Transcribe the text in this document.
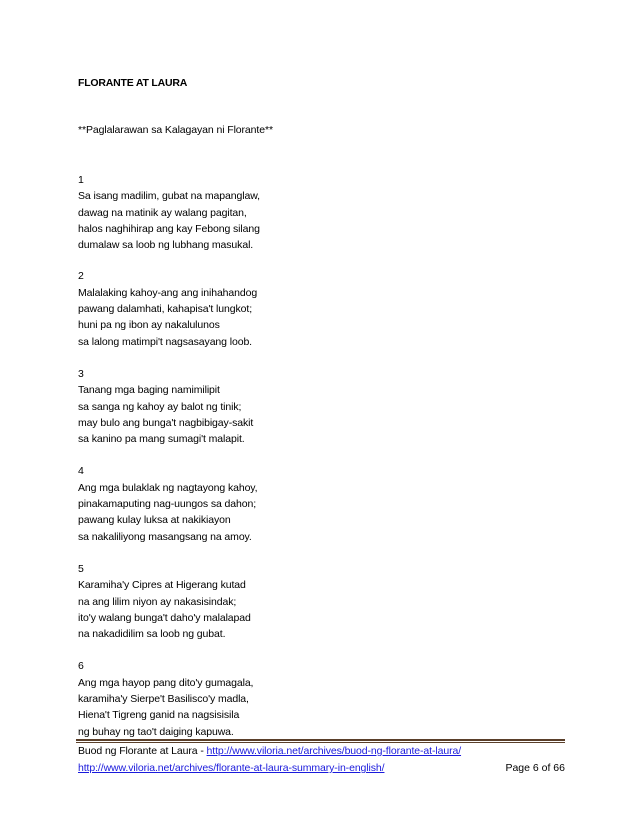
FLORANTE AT LAURA
**Paglalarawan sa Kalagayan ni Florante**
1
Sa isang madilim, gubat na mapanglaw,
dawag na matinik ay walang pagitan,
halos naghihirap ang kay Febong silang
dumalaw sa loob ng lubhang masukal.
2
Malalaking kahoy-ang ang inihahandog
pawang dalamhati, kahapisa't lungkot;
huni pa ng ibon ay nakalulunos
sa lalong matimpi't nagsasayang loob.
3
Tanang mga baging namimilipit
sa sanga ng kahoy ay balot ng tinik;
may bulo ang bunga't nagbibigay-sakit
sa kanino pa mang sumagi't malapit.
4
Ang mga bulaklak ng nagtayong kahoy,
pinakamaputing nag-uungos sa dahon;
pawang kulay luksa at nakikiayon
sa nakaliliyong masangsang na amoy.
5
Karamiha'y Cipres at Higerang kutad
na ang lilim niyon ay nakasisindak;
ito'y walang bunga't daho'y malalapad
na nakadidilim sa loob ng gubat.
6
Ang mga hayop pang dito'y gumagala,
karamiha'y Sierpe't Basilisco'y madla,
Hiena't Tigreng ganid na nagsisisila
ng buhay ng tao't daiging kapuwa.
Buod ng Florante at Laura - http://www.viloria.net/archives/buod-ng-florante-at-laura/
http://www.viloria.net/archives/florante-at-laura-summary-in-english/	Page 6 of 66
